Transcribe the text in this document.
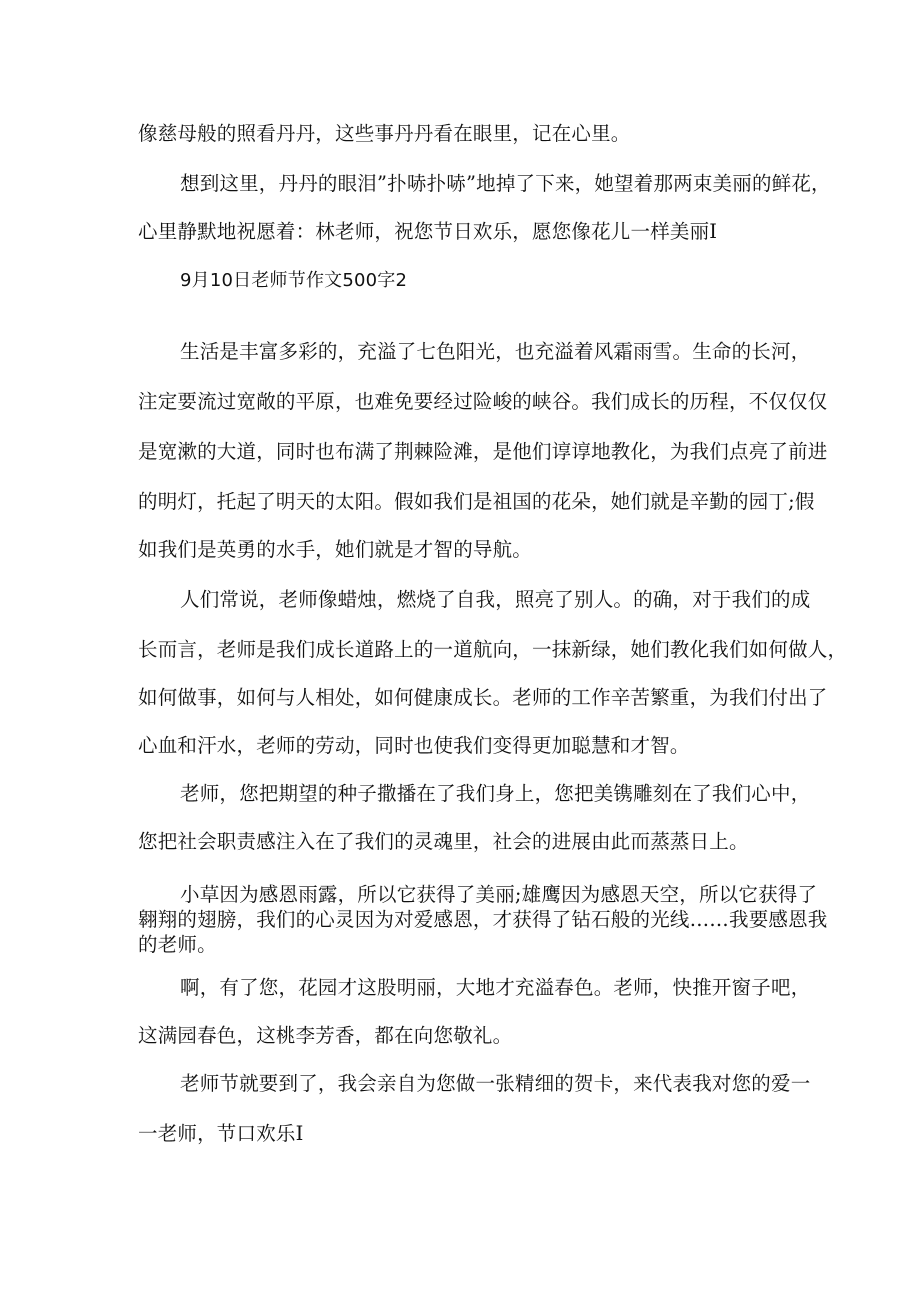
像慈母般的照看丹丹，这些事丹丹看在眼里，记在心里。
想到这里，丹丹的眼泪”扑哧扑哧”地掉了下来，她望着那两束美丽的鲜花，
心里静默地祝愿着：林老师，祝您节日欢乐，愿您像花儿一样美丽I
9月10日老师节作文500字2
生活是丰富多彩的，充溢了七色阳光，也充溢着风霜雨雪。生命的长河，
注定要流过宽敞的平原，也难免要经过险峻的峡谷。我们成长的历程，不仅仅仅
是宽漱的大道，同时也布满了荆棘险滩，是他们谆谆地教化，为我们点亮了前进
的明灯，托起了明天的太阳。假如我们是祖国的花朵，她们就是辛勤的园丁;假
如我们是英勇的水手，她们就是才智的导航。
人们常说，老师像蜡烛，燃烧了自我，照亮了别人。的确，对于我们的成
长而言，老师是我们成长道路上的一道航向，一抹新绿，她们教化我们如何做人，
如何做事，如何与人相处，如何健康成长。老师的工作辛苦繁重，为我们付出了
心血和汗水，老师的劳动，同时也使我们变得更加聪慧和才智。
老师，您把期望的种子撒播在了我们身上，您把美镌雕刻在了我们心中，
您把社会职责感注入在了我们的灵魂里，社会的进展由此而蒸蒸日上。
小草因为感恩雨露，所以它获得了美丽;雄鹰因为感恩天空，所以它获得了
翱翔的翅膀，我们的心灵因为对爱感恩，才获得了钻石般的光线……我要感恩我
的老师。
啊，有了您，花园才这股明丽，大地才充溢春色。老师，快推开窗子吧，
这满园春色，这桃李芳香，都在向您敬礼。
老师节就要到了，我会亲自为您做一张精细的贺卡，来代表我对您的爱一
一老师，节口欢乐I
